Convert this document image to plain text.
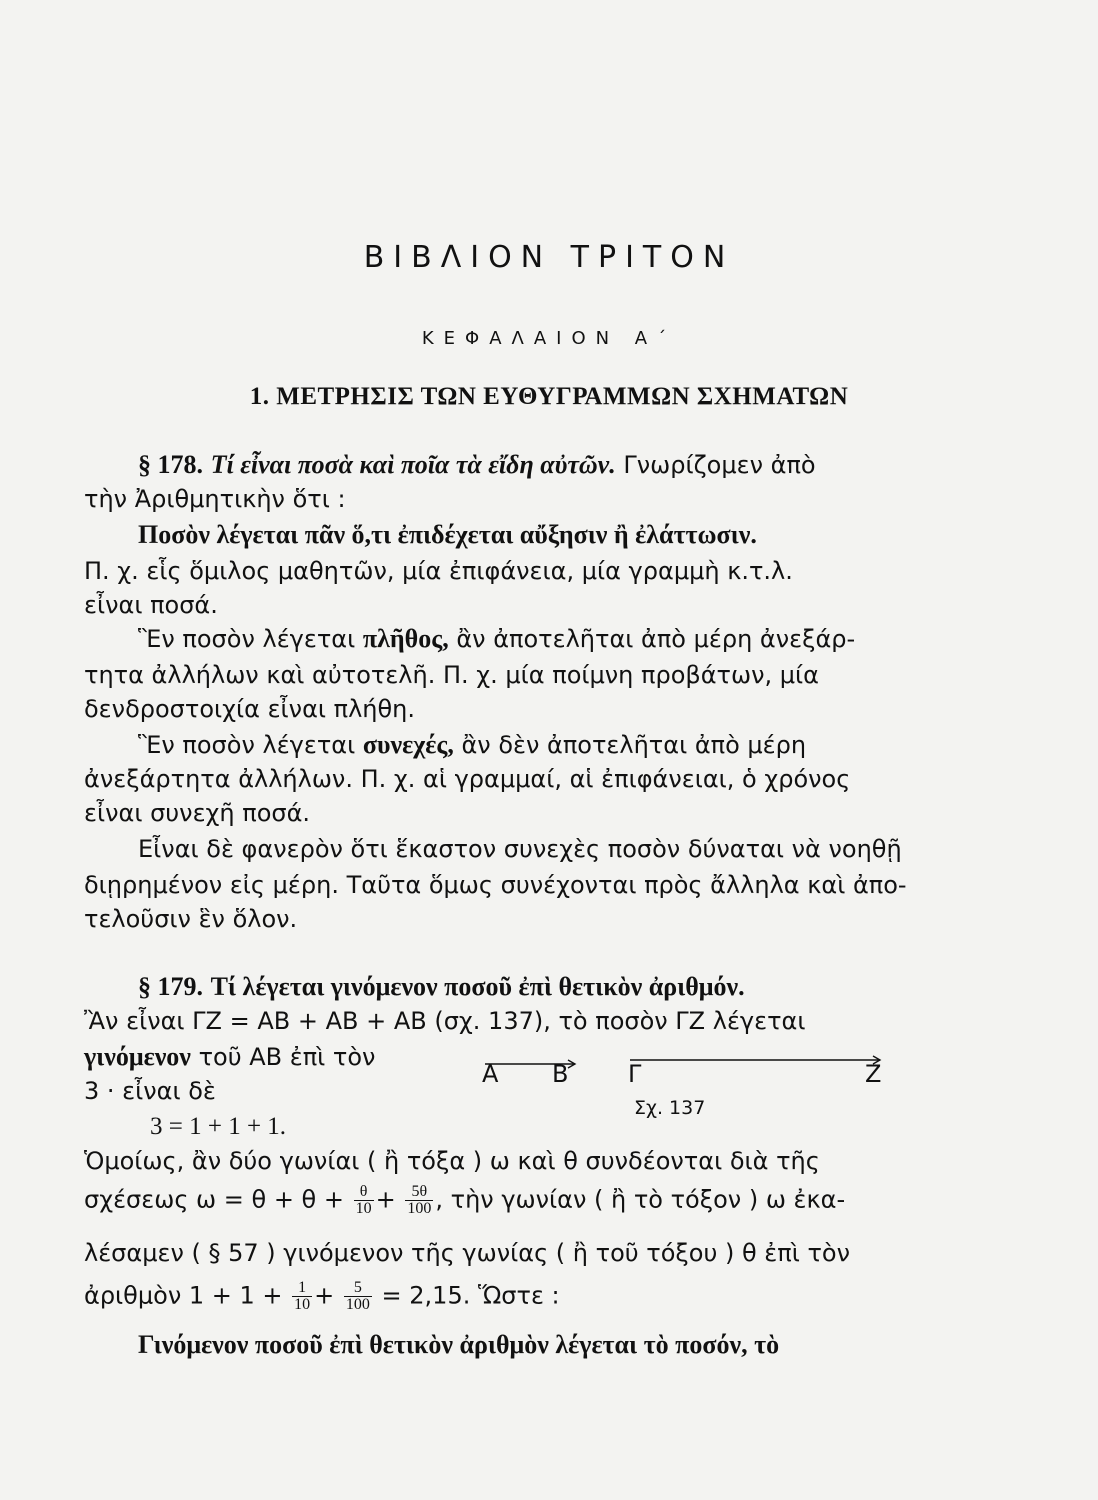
ΒΙΒΛΙΟΝ ΤΡΙΤΟΝ
ΚΕΦΑΛΑΙΟΝ Α΄
1. ΜΕΤΡΗΣΙΣ ΤΩΝ ΕΥΘΥΓΡΑΜΜΩΝ ΣΧΗΜΑΤΩΝ
§ 178. Τί εἶναι ποσὰ καὶ ποῖα τὰ εἴδη αὐτῶν. Γνωρίζομεν ἀπὸ
τὴν Ἀριθμητικὴν ὅτι :
Ποσὸν λέγεται πᾶν ὅ,τι ἐπιδέχεται αὔξησιν ἢ ἐλάττωσιν.
Π. χ. εἷς ὅμιλος μαθητῶν, μία ἐπιφάνεια, μία γραμμὴ κ.τ.λ.
εἶναι ποσά.
Ἓν ποσὸν λέγεται πλῆθος, ἂν ἀποτελῆται ἀπὸ μέρη ἀνεξάρ-
τητα ἀλλήλων καὶ αὐτοτελῆ. Π. χ. μία ποίμνη προβάτων, μία
δενδροστοιχία εἶναι πλήθη.
Ἓν ποσὸν λέγεται συνεχές, ἂν δὲν ἀποτελῆται ἀπὸ μέρη
ἀνεξάρτητα ἀλλήλων. Π. χ. αἱ γραμμαί, αἱ ἐπιφάνειαι, ὁ χρόνος
εἶναι συνεχῆ ποσά.
Εἶναι δὲ φανερὸν ὅτι ἕκαστον συνεχὲς ποσὸν δύναται νὰ νοηθῇ
διῃρημένον εἰς μέρη. Ταῦτα ὅμως συνέχονται πρὸς ἄλληλα καὶ ἀπο-
τελοῦσιν ἓν ὅλον.
§ 179. Τί λέγεται γινόμενον ποσοῦ ἐπὶ θετικὸν ἀριθμόν.
Ἂν εἶναι ΓΖ = ΑΒ + ΑΒ + ΑΒ (σχ. 137), τὸ ποσὸν ΓΖ λέγεται
γινόμενον τοῦ ΑΒ ἐπὶ τὸν
3 · εἶναι δὲ
3 = 1 + 1 + 1.
Α Β Γ	Ζ
Σχ. 137
Ὁμοίως, ἂν δύο γωνίαι ( ἢ τόξα ) ω καὶ θ συνδέονται διὰ τῆς
σχέσεως $\omega = \theta + \theta + \frac{\theta}{10} + \frac{5\theta}{100}$ , τὴν γωνίαν ( ἢ τὸ τόξον ) ω ἐκα-
λέσαμεν ( § 57 ) γινόμενον τῆς γωνίας ( ἢ τοῦ τόξου ) θ ἐπὶ τὸν
ἀριθμὸν $1 + 1 + \frac{1}{10} + \frac{5}{100} = 2,15$. Ὥστε :
Γινόμενον ποσοῦ ἐπὶ θετικὸν ἀριθμὸν λέγεται τὸ ποσόν, τὸ
